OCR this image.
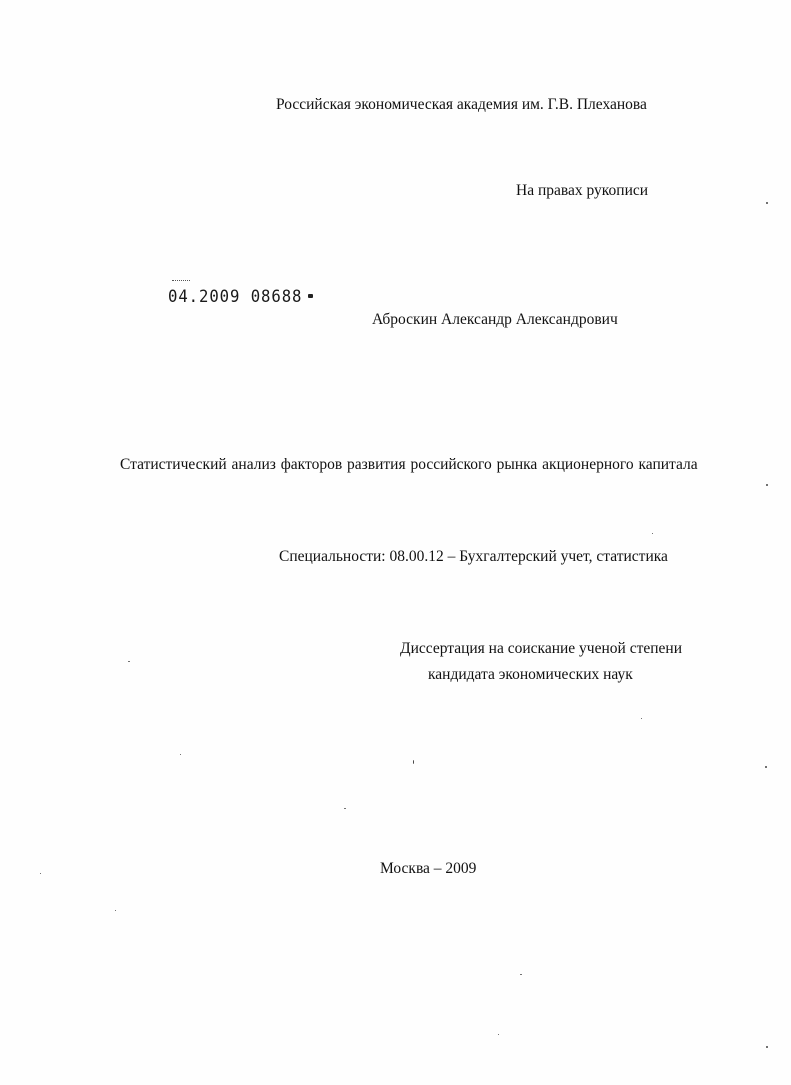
Российская экономическая академия им. Г.В. Плеханова
На правах рукописи
04.2009 08688
Аброскин Александр Александрович
Статистический анализ факторов развития российского рынка акционерного капитала
Специальности: 08.00.12 – Бухгалтерский учет, статистика
Диссертация на соискание ученой степени
кандидата экономических наук
Москва – 2009
